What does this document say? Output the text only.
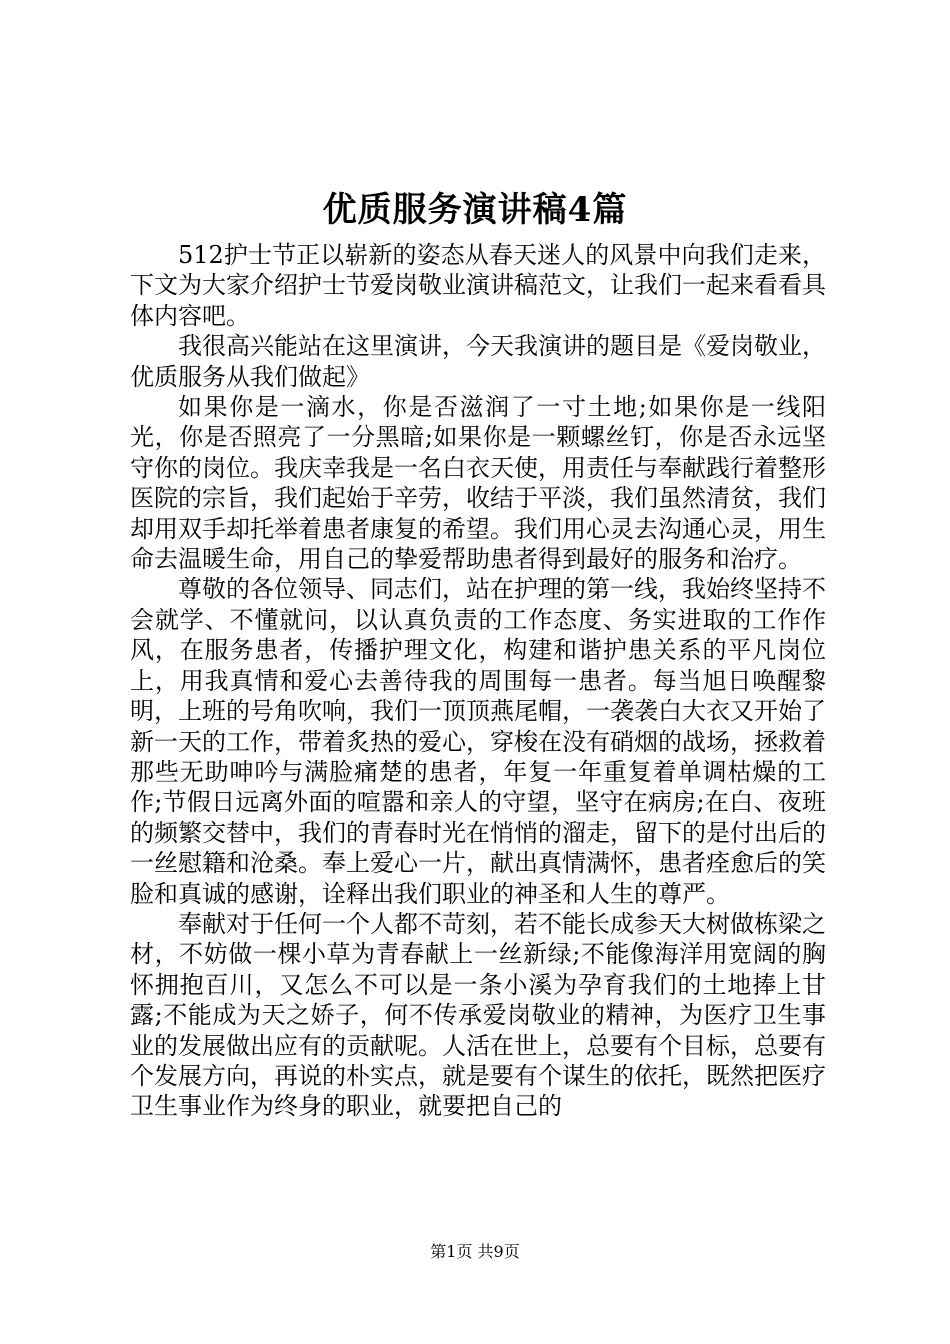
优质服务演讲稿4篇

512护士节正以崭新的姿态从春天迷人的风景中向我们走来，下文为大家介绍护士节爱岗敬业演讲稿范文，让我们一起来看看具体内容吧。

我很高兴能站在这里演讲，今天我演讲的题目是《爱岗敬业，优质服务从我们做起》

如果你是一滴水，你是否滋润了一寸土地;如果你是一线阳光，你是否照亮了一分黑暗;如果你是一颗螺丝钉，你是否永远坚守你的岗位。我庆幸我是一名白衣天使，用责任与奉献践行着整形医院的宗旨，我们起始于辛劳，收结于平淡，我们虽然清贫，我们却用双手却托举着患者康复的希望。我们用心灵去沟通心灵，用生命去温暖生命，用自己的挚爱帮助患者得到最好的服务和治疗。

尊敬的各位领导、同志们，站在护理的第一线，我始终坚持不会就学、不懂就问，以认真负责的工作态度、务实进取的工作作风，在服务患者，传播护理文化，构建和谐护患关系的平凡岗位上，用我真情和爱心去善待我的周围每一患者。每当旭日唤醒黎明，上班的号角吹响，我们一顶顶燕尾帽，一袭袭白大衣又开始了新一天的工作，带着炙热的爱心，穿梭在没有硝烟的战场，拯救着那些无助呻吟与满脸痛楚的患者，年复一年重复着单调枯燥的工作;节假日远离外面的喧嚣和亲人的守望，坚守在病房;在白、夜班的频繁交替中，我们的青春时光在悄悄的溜走，留下的是付出后的一丝慰籍和沧桑。奉上爱心一片，献出真情满怀，患者痊愈后的笑脸和真诚的感谢，诠释出我们职业的神圣和人生的尊严。

奉献对于任何一个人都不苛刻，若不能长成参天大树做栋梁之材，不妨做一棵小草为青春献上一丝新绿;不能像海洋用宽阔的胸怀拥抱百川，又怎么不可以是一条小溪为孕育我们的土地捧上甘露;不能成为天之娇子，何不传承爱岗敬业的精神，为医疗卫生事业的发展做出应有的贡献呢。人活在世上，总要有个目标，总要有个发展方向，再说的朴实点，就是要有个谋生的依托，既然把医疗卫生事业作为终身的职业，就要把自己的

第1页 共9页
